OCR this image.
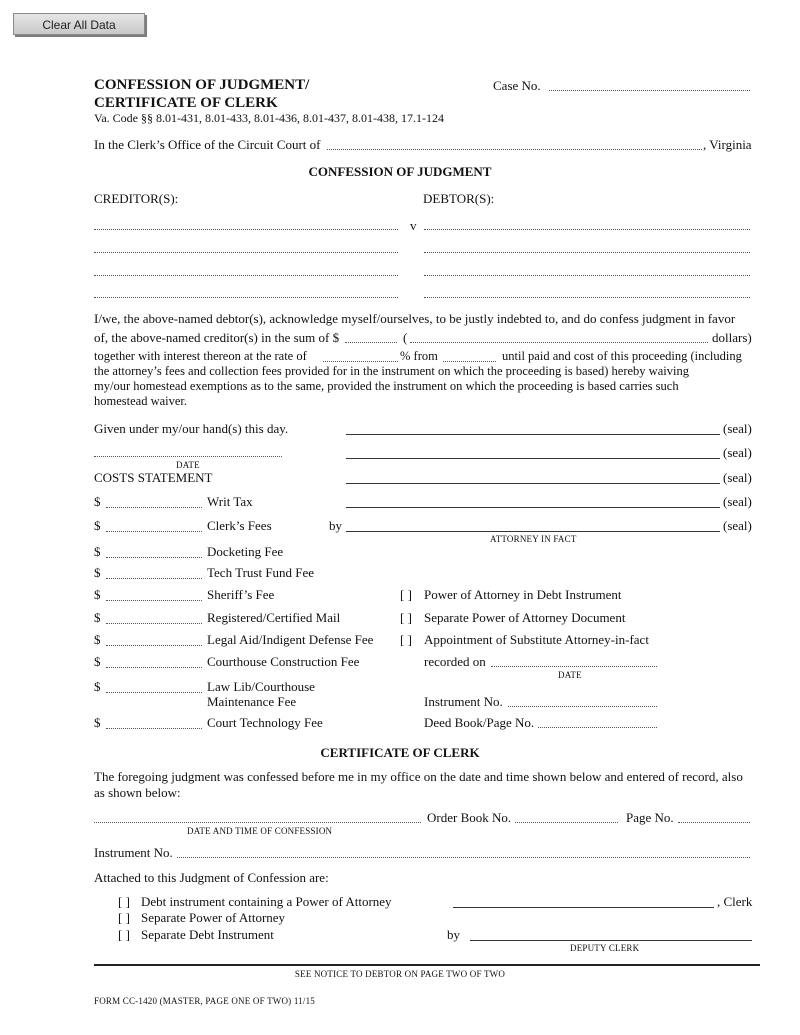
Clear All Data
CONFESSION OF JUDGMENT/
CERTIFICATE OF CLERK
Va. Code §§ 8.01-431, 8.01-433, 8.01-436, 8.01-437, 8.01-438, 17.1-124
Case No.
In the Clerk’s Office of the Circuit Court of	, Virginia
CONFESSION OF JUDGMENT
CREDITOR(S):	DEBTOR(S):
v
I/we, the above-named debtor(s), acknowledge myself/ourselves, to be justly indebted to, and do confess judgment in favor
of, the above-named creditor(s) in the sum of $	(	dollars)
together with interest thereon at the rate of	% from	until paid and cost of this proceeding (including
the attorney’s fees and collection fees provided for in the instrument on which the proceeding is based) hereby waiving
my/our homestead exemptions as to the same, provided the instrument on which the proceeding is based carries such
homestead waiver.
Given under my/our hand(s) this day.	(seal)
DATE
(seal)
COSTS STATEMENT	(seal)
(seal)
by	(seal)
ATTORNEY IN FACT
$	Writ Tax
$	Clerk’s Fees
$	Docketing Fee
$	Tech Trust Fund Fee
$	Sheriff’s Fee
$	Registered/Certified Mail
$	Legal Aid/Indigent Defense Fee
$	Courthouse Construction Fee
$	Law Lib/Courthouse
Maintenance Fee
$	Court Technology Fee
[ ] Power of Attorney in Debt Instrument
[ ] Separate Power of Attorney Document
[ ] Appointment of Substitute Attorney-in-fact
recorded on
DATE
Instrument No.
Deed Book/Page No.
CERTIFICATE OF CLERK
The foregoing judgment was confessed before me in my office on the date and time shown below and entered of record, also
as shown below:
DATE AND TIME OF CONFESSION
Order Book No.	Page No.
Instrument No.
Attached to this Judgment of Confession are:
[ ] Debt instrument containing a Power of Attorney
[ ] Separate Power of Attorney
[ ] Separate Debt Instrument
, Clerk
by
DEPUTY CLERK
SEE NOTICE TO DEBTOR ON PAGE TWO OF TWO
FORM CC-1420 (MASTER, PAGE ONE OF TWO) 11/15
